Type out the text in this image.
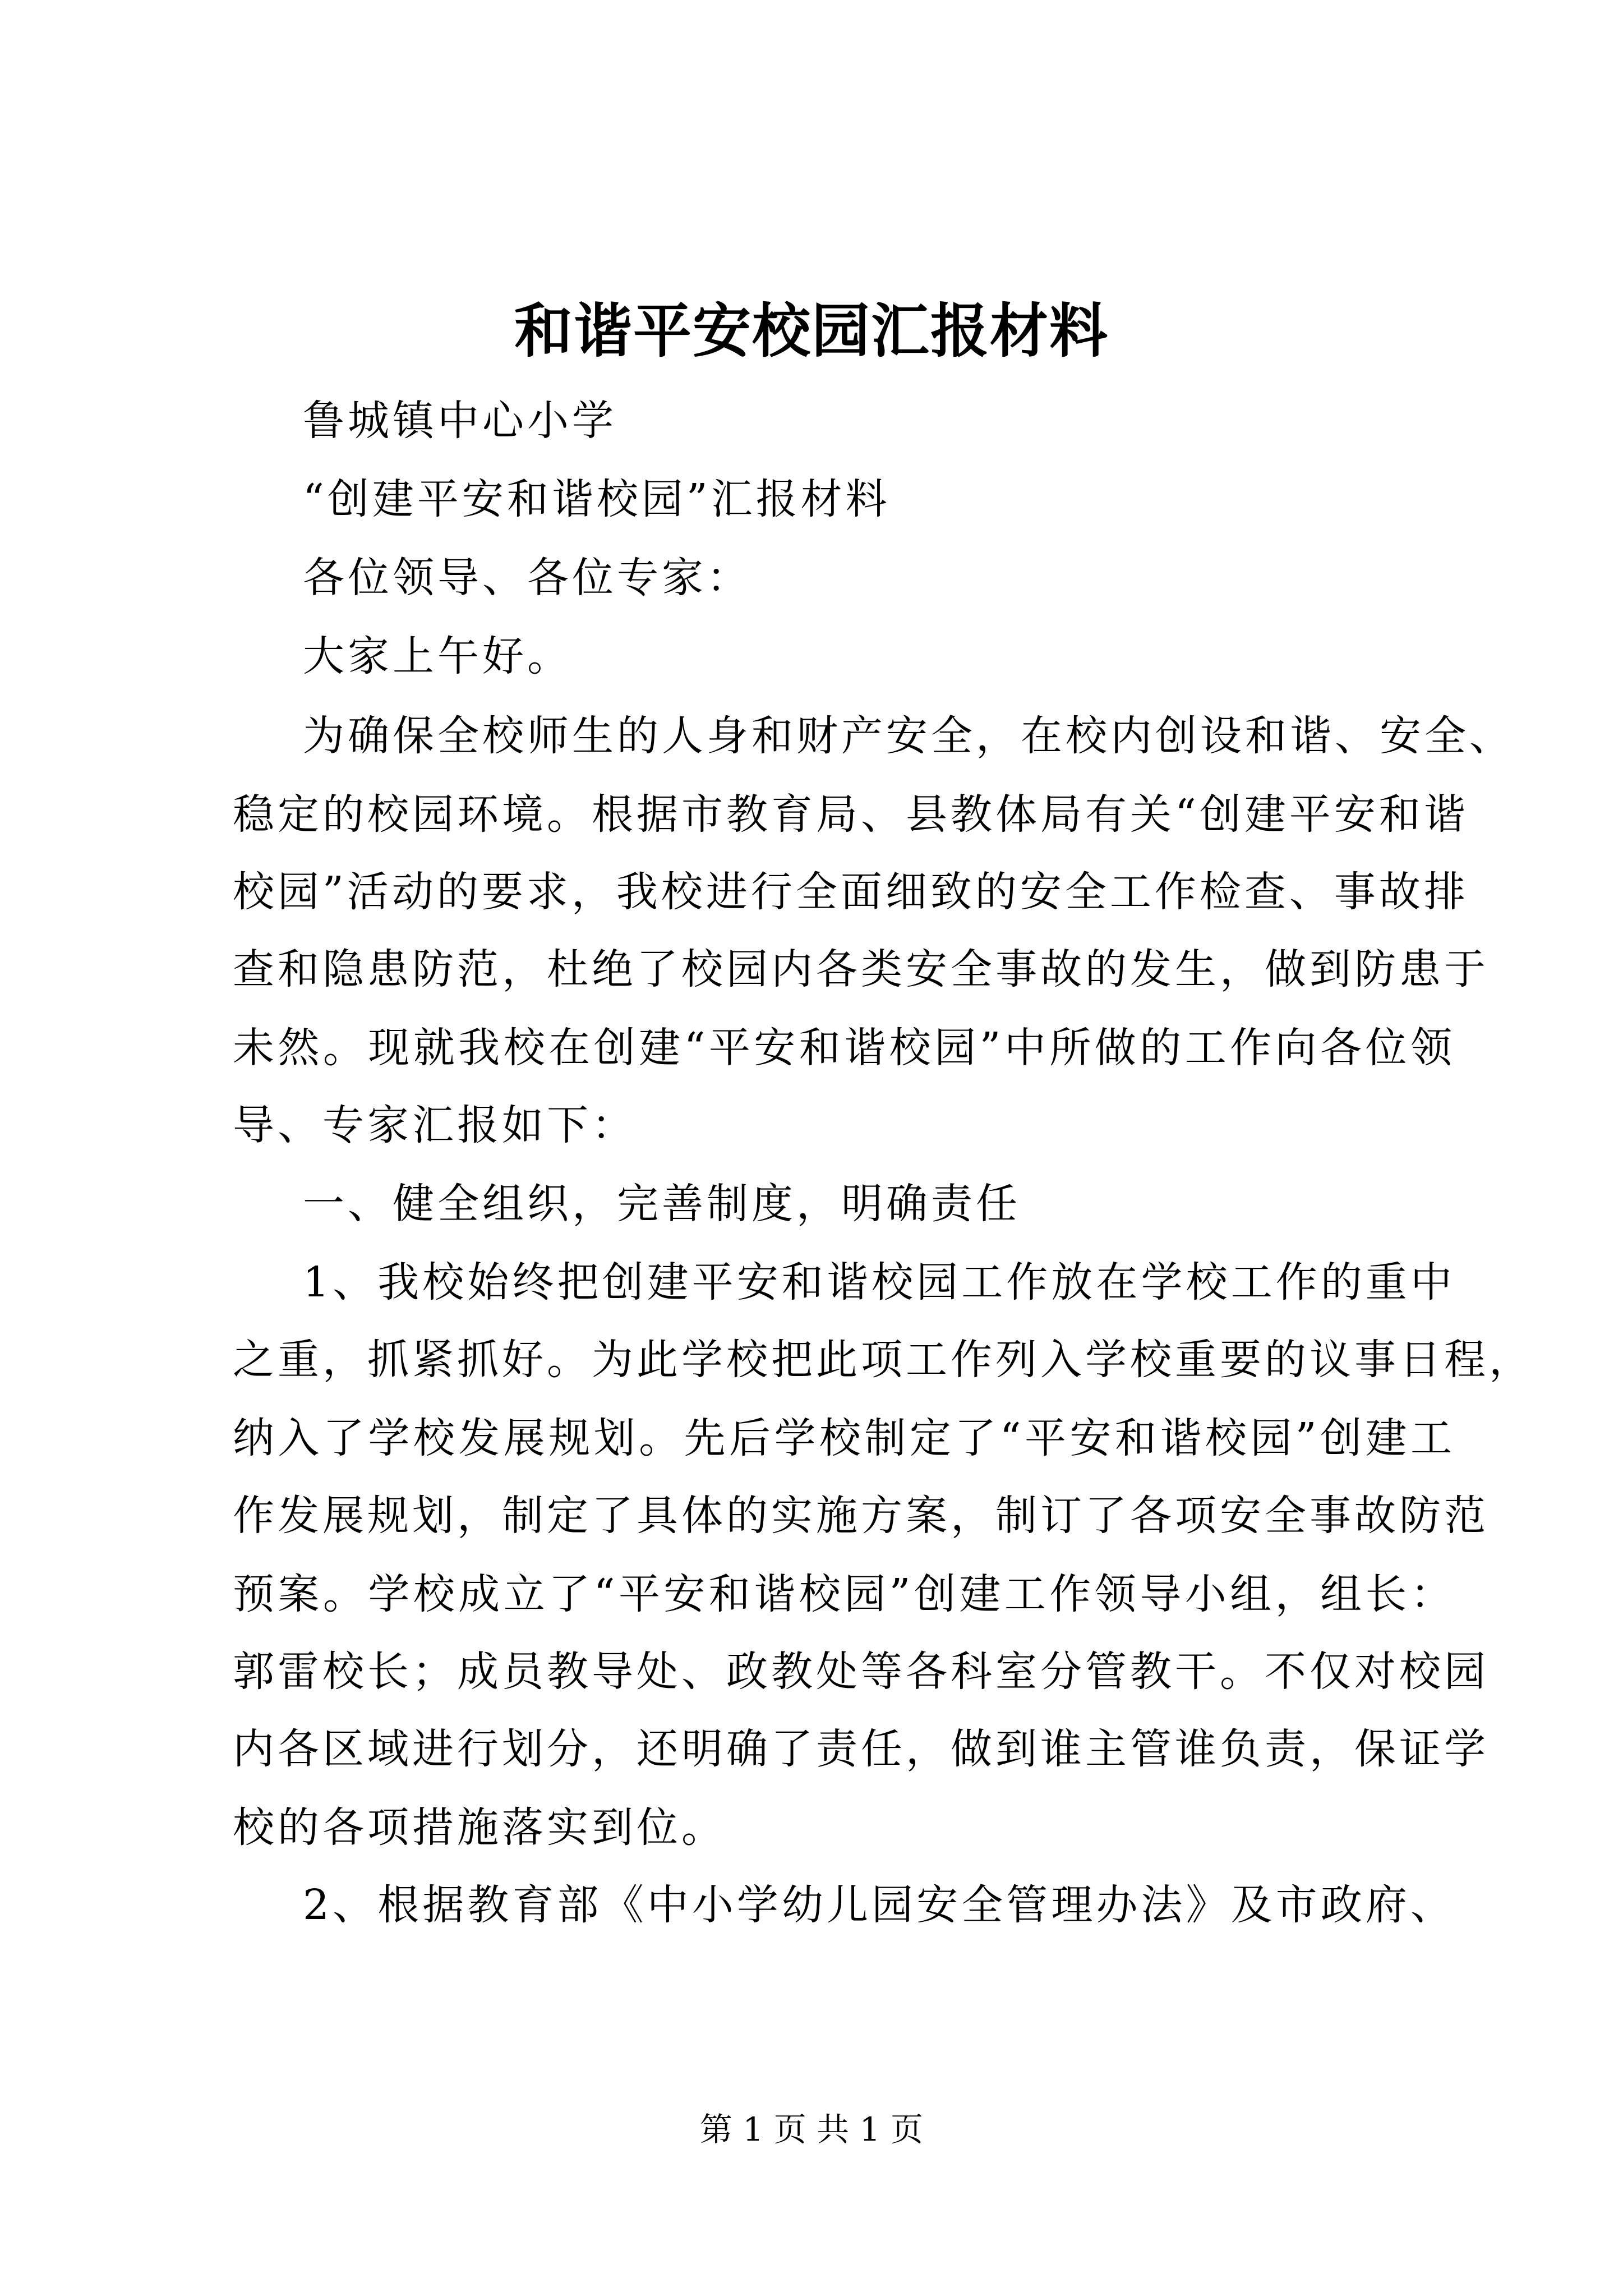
和谐平安校园汇报材料
鲁城镇中心小学
“创建平安和谐校园”汇报材料
各位领导、各位专家：
大家上午好。
为确保全校师生的人身和财产安全，在校内创设和谐、安全、
稳定的校园环境。根据市教育局、县教体局有关“创建平安和谐
校园”活动的要求，我校进行全面细致的安全工作检查、事故排
查和隐患防范，杜绝了校园内各类安全事故的发生，做到防患于
未然。现就我校在创建“平安和谐校园”中所做的工作向各位领
导、专家汇报如下：
一、健全组织，完善制度，明确责任
1、我校始终把创建平安和谐校园工作放在学校工作的重中
之重，抓紧抓好。为此学校把此项工作列入学校重要的议事日程，
纳入了学校发展规划。先后学校制定了“平安和谐校园”创建工
作发展规划，制定了具体的实施方案，制订了各项安全事故防范
预案。学校成立了“平安和谐校园”创建工作领导小组，组长：
郭雷校长；成员教导处、政教处等各科室分管教干。不仅对校园
内各区域进行划分，还明确了责任，做到谁主管谁负责，保证学
校的各项措施落实到位。
2、根据教育部《中小学幼儿园安全管理办法》及市政府、
第 1 页 共 1 页
